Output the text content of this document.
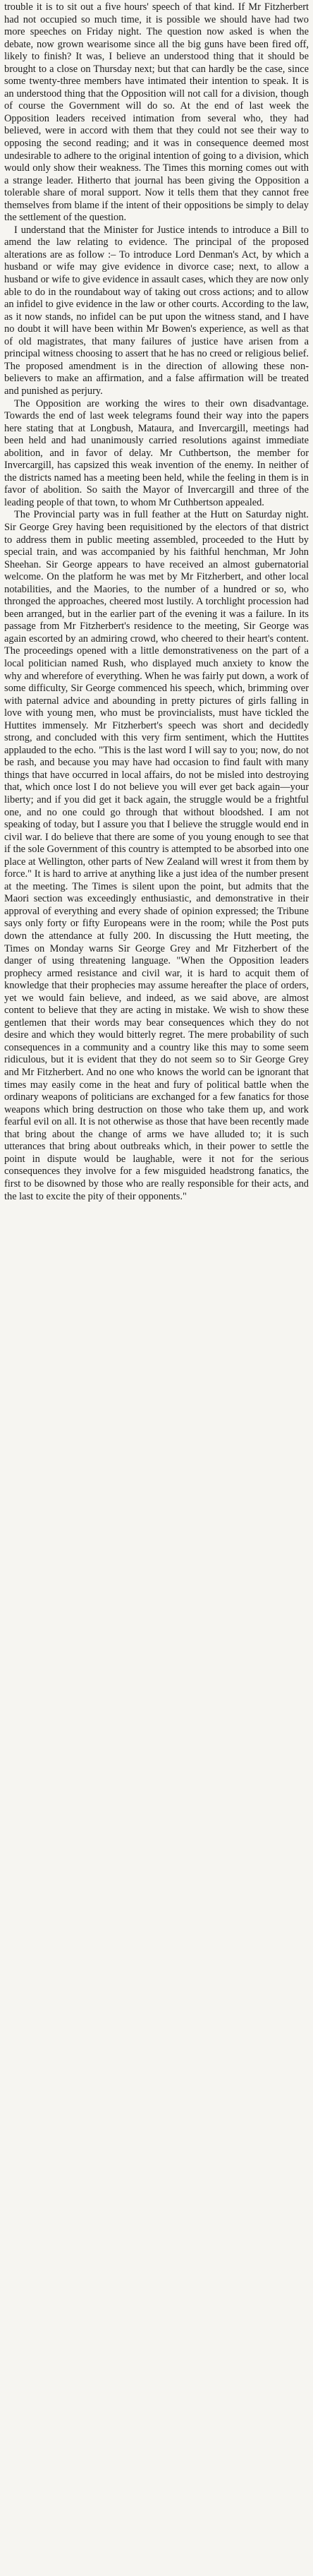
trouble it is to sit out a five hours' speech of that kind. If Mr Fitzherbert had not occupied so much time, it is possible we should have had two more speeches on Friday night. The question now asked is when the debate, now grown wearisome since all the big guns have been fired off, likely to finish? It was, I believe an understood thing that it should be brought to a close on Thursday next; but that can hardly be the case, since some twenty-three members have intimated their intention to speak. It is an understood thing that the Opposition will not call for a division, though of course the Government will do so. At the end of last week the Opposition leaders received intimation from several who, they had believed, were in accord with them that they could not see their way to opposing the second reading; and it was in consequence deemed most undesirable to adhere to the original intention of going to a division, which would only show their weakness. The Times this morning comes out with a strange leader. Hitherto that journal has been giving the Opposition a tolerable share of moral support. Now it tells them that they cannot free themselves from blame if the intent of their oppositions be simply to delay the settlement of the question.

I understand that the Minister for Justice intends to introduce a Bill to amend the law relating to evidence. The principal of the proposed alterations are as follow :– To introduce Lord Denman's Act, by which a husband or wife may give evidence in divorce case; next, to allow a husband or wife to give evidence in assault cases, which they are now only able to do in the roundabout way of taking out cross actions; and to allow an infidel to give evidence in the law or other courts. According to the law, as it now stands, no infidel can be put upon the witness stand, and I have no doubt it will have been within Mr Bowen's experience, as well as that of old magistrates, that many failures of justice have arisen from a principal witness choosing to assert that he has no creed or religious belief. The proposed amendment is in the direction of allowing these non-believers to make an affirmation, and a false affirmation will be treated and punished as perjury.

The Opposition are working the wires to their own disadvantage. Towards the end of last week telegrams found their way into the papers here stating that at Longbush, Mataura, and Invercargill, meetings had been held and had unanimously carried resolutions against immediate abolition, and in favor of delay. Mr Cuthbertson, the member for Invercargill, has capsized this weak invention of the enemy. In neither of the districts named has a meeting been held, while the feeling in them is in favor of abolition. So saith the Mayor of Invercargill and three of the leading people of that town, to whom Mr Cuthbertson appealed.

The Provincial party was in full feather at the Hutt on Saturday night. Sir George Grey having been requisitioned by the electors of that district to address them in public meeting assembled, proceeded to the Hutt by special train, and was accompanied by his faithful henchman, Mr John Sheehan. Sir George appears to have received an almost gubernatorial welcome. On the platform he was met by Mr Fitzherbert, and other local notabilities, and the Maories, to the number of a hundred or so, who thronged the approaches, cheered most lustily. A torchlight procession had been arranged, but in the earlier part of the evening it was a failure. In its passage from Mr Fitzherbert's residence to the meeting, Sir George was again escorted by an admiring crowd, who cheered to their heart's content. The proceedings opened with a little demonstrativeness on the part of a local politician named Rush, who displayed much anxiety to know the why and wherefore of everything. When he was fairly put down, a work of some difficulty, Sir George commenced his speech, which, brimming over with paternal advice and abounding in pretty pictures of girls falling in love with young men, who must be provincialists, must have tickled the Huttites immensely. Mr Fitzherbert's speech was short and decidedly strong, and concluded with this very firm sentiment, which the Huttites applauded to the echo. "This is the last word I will say to you; now, do not be rash, and because you may have had occasion to find fault with many things that have occurred in local affairs, do not be misled into destroying that, which once lost I do not believe you will ever get back again—your liberty; and if you did get it back again, the struggle would be a frightful one, and no one could go through that without bloodshed. I am not speaking of today, but I assure you that I believe the struggle would end in civil war. I do believe that there are some of you young enough to see that if the sole Government of this country is attempted to be absorbed into one place at Wellington, other parts of New Zealand will wrest it from them by force." It is hard to arrive at anything like a just idea of the number present at the meeting. The Times is silent upon the point, but admits that the Maori section was exceedingly enthusiastic, and demonstrative in their approval of everything and every shade of opinion expressed; the Tribune says only forty or fifty Europeans were in the room; while the Post puts down the attendance at fully 200. In discussing the Hutt meeting, the Times on Monday warns Sir George Grey and Mr Fitzherbert of the danger of using threatening language. "When the Opposition leaders prophecy armed resistance and civil war, it is hard to acquit them of knowledge that their prophecies may assume hereafter the place of orders, yet we would fain believe, and indeed, as we said above, are almost content to believe that they are acting in mistake. We wish to show these gentlemen that their words may bear consequences which they do not desire and which they would bitterly regret. The mere probability of such consequences in a community and a country like this may to some seem ridiculous, but it is evident that they do not seem so to Sir George Grey and Mr Fitzherbert. And no one who knows the world can be ignorant that times may easily come in the heat and fury of political battle when the ordinary weapons of politicians are exchanged for a few fanatics for those weapons which bring destruction on those who take them up, and work fearful evil on all. It is not otherwise as those that have been recently made that bring about the change of arms we have alluded to; it is such utterances that bring about outbreaks which, in their power to settle the point in dispute would be laughable, were it not for the serious consequences they involve for a few misguided headstrong fanatics, the first to be disowned by those who are really responsible for their acts, and the last to excite the pity of their opponents."
